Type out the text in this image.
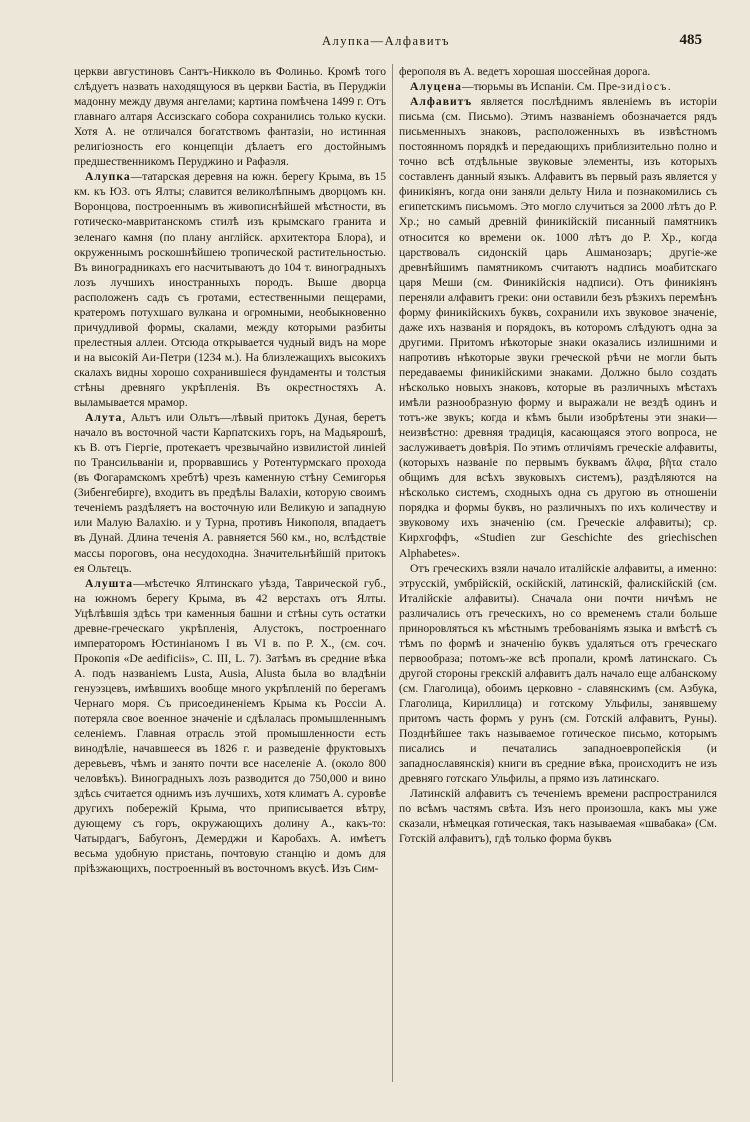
Алупка—Алфавитъ	485

церкви августиновъ Сантъ-Никколо въ Фолиньо. Кромѣ того слѣдуетъ назвать находящуюся въ церкви Бастiа, въ Перуджiи мадонну между двумя ангелами; картина помѣчена 1499 г. Отъ главнаго алтаря Ассизскаго собора сохранились только куски. Хотя А. не отличался богатствомъ фантазiи, но истинная религiозность его концепцiи дѣлаетъ его достойнымъ предшественникомъ Перуджино и Рафаэля.

Алупка—татарская деревня на южн. берегу Крыма, въ 15 км. къ ЮЗ. отъ Ялты; славится великолѣпнымъ дворцомъ кн. Воронцова, построеннымъ въ живописнѣйшей мѣстности, въ готическо-мавританскомъ стилѣ изъ крымскаго гранита и зеленаго камня (по плану англiйск. архитектора Блора), и окруженнымъ роскошнѣйшею тропической растительностью. Въ виноградникахъ его насчитываютъ до 104 т. виноградныхъ лозъ лучшихъ иностранныхъ породъ. Выше дворца расположенъ садъ съ гротами, естественными пещерами, кратеромъ потухшаго вулкана и огромными, необыкновенно причудливой формы, скалами, между которыми разбиты прелестныя аллеи. Отсюда открывается чудный видъ на море и на высокiй Аи-Петри (1234 м.). На близлежащихъ высокихъ скалахъ видны хорошо сохранившiеся фундаменты и толстыя стѣны древняго укрѣпленiя. Въ окрестностяхъ А. выламывается мрамор.

Алута, Альтъ или Ольтъ—лѣвый притокъ Дуная, беретъ начало въ восточной части Карпатскихъ горъ, на Мадьярошѣ, къ В. отъ Гiергiе, протекаетъ чрезвычайно извилистой линiей по Трансильванiи и, прорвавшись у Ротентурмскаго прохода (въ Фогарамскомъ хребтѣ) чрезъ каменную стѣну Семигорья (Зибенгебирге), входитъ въ предѣлы Валахiи, которую своимъ теченiемъ раздѣляетъ на восточную или Великую и западную или Малую Валахiю. и у Турна, противъ Никополя, впадаетъ въ Дунай. Длина теченiя А. равняется 560 км., но, вслѣдствiе массы пороговъ, она несудоходна. Значительнѣйшiй притокъ ея Ольтецъ.

Алушта—мѣстечко Ялтинскаго уѣзда, Таврической губ., на южномъ берегу Крыма, въ 42 верстахъ отъ Ялты. Уцѣлѣвшiя здѣсь три каменныя башни и стѣны суть остатки древне-греческаго укрѣпленiя, Алустокъ, построеннаго императоромъ Юстинiаномъ I въ VI в. по Р. Х., (см. соч. Прокопiя «De aedificiis», С. III, L. 7). Затѣмъ въ средние вѣка А. подъ названiемъ Lusta, Ausia, Alusta была во владѣнiи генуэзцевъ, имѣвшихъ вообще много укрѣпленiй по берегамъ Чернаго моря. Съ присоединенiемъ Крыма къ Россiи А. потеряла свое военное значенiе и сдѣлалась промышленнымъ селенiемъ. Главная отрасль этой промышленности есть винодѣлiе, начавшееся въ 1826 г. и разведенiе фруктовыхъ деревьевъ, чѣмъ и занято почти все населенiе А. (около 800 человѣкъ). Виноградныхъ лозъ разводится до 750,000 и вино здѣсь считается однимъ изъ лучшихъ, хотя климатъ А. суровѣе другихъ побережiй Крыма, что приписывается вѣтру, дующему съ горъ, окружающихъ долину А., какъ-то: Чатырдагъ, Бабугонъ, Демерджи и Каробахъ. А. имѣетъ весьма удобную пристань, почтовую станцiю и домъ для прiѣзжающихъ, построенный въ восточномъ вкусѣ. Изъ Сим-

ферополя въ А. ведетъ хорошая шоссейная дорога.

Алуцена—тюрьмы въ Испанiи. См. Пре-зидiосъ.

Алфавитъ является послѣднимъ явленiемъ въ исторiи письма (см. Письмо). Этимъ названiемъ обозначается рядъ письменныхъ знаковъ, расположенныхъ въ извѣстномъ постоянномъ порядкѣ и передающихъ приблизительно полно и точно всѣ отдѣльные звуковые элементы, изъ которыхъ составленъ данный языкъ. Алфавитъ въ первый разъ является у финикiянъ, когда они заняли дельту Нила и познакомились съ египетскимъ письмомъ. Это могло случиться за 2000 лѣтъ до Р. Хр.; но самый древнiй финикiйскiй писанный памятникъ относится ко времени ок. 1000 лѣтъ до Р. Хр., когда царствовалъ сидонскiй царь Ашманозаръ; другiе-же древнѣйшимъ памятникомъ считаютъ надпись моабитскаго царя Меши (см. Финикiйскiя надписи). Отъ финикiянъ переняли алфавитъ греки: они оставили безъ рѣзкихъ перемѣнъ форму финикiйскихъ буквъ, сохранили ихъ звуковое значенiе, даже ихъ названiя и порядокъ, въ которомъ слѣдуютъ одна за другими. Притомъ нѣкоторые знаки оказались излишними и напротивъ нѣкоторые звуки греческой рѣчи не могли быть передаваемы финикiйскими знаками. Должно было создать нѣсколько новыхъ знаковъ, которые въ различныхъ мѣстахъ имѣли разнообразную форму и выражали не вездѣ одинъ и тотъ-же звукъ; когда и кѣмъ были изобрѣтены эти знаки—неизвѣстно: древняя традицiя, касающаяся этого вопроса, не заслуживаетъ довѣрiя. По этимъ отличiямъ греческiе алфавиты, (которыхъ названiе по первымъ буквамъ ἄλφα, βῆτα стало общимъ для всѣхъ звуковыхъ системъ), раздѣляются на нѣсколько системъ, сходныхъ одна съ другою въ отношенiи порядка и формы буквъ, но различныхъ по ихъ количеству и звуковому ихъ значенiю (см. Греческiе алфавиты); ср. Кирхгоффъ, «Studien zur Geschichte des griechischen Alphabetes».

Отъ греческихъ взяли начало италiйскiе алфавиты, а именно: этрусскiй, умбрiйскiй, оскiйскiй, латинскiй, фалискiйскiй (см. Италiйскiе алфавиты). Сначала они почти ничѣмъ не различались отъ греческихъ, но со временемъ стали больше приноровляться къ мѣстнымъ требованiямъ языка и вмѣстѣ съ тѣмъ по формѣ и значенiю буквъ удаляться отъ греческаго первообраза; потомъ-же всѣ пропали, кромѣ латинскаго. Съ другой стороны грекскiй алфавитъ далъ начало еще албанскому (см. Глаголица), обоимъ церковно - славянскимъ (см. Азбука, Глаголица, Кириллица) и готскому Ульфилы, занявшему притомъ часть формъ у рунъ (см. Готскiй алфавитъ, Руны). Позднѣйшее такъ называемое готическое письмо, которымъ писались и печатались западноевропейскiя (и западнославянскiя) книги въ средние вѣка, происходитъ не изъ древняго готскаго Ульфилы, а прямо изъ латинскаго.

Латинскiй алфавитъ съ теченiемъ времени распространился по всѣмъ частямъ свѣта. Изъ него произошла, какъ мы уже сказали, нѣмецкая готическая, такъ называемая «швабака» (См. Готскiй алфавитъ), гдѣ только форма буквъ
